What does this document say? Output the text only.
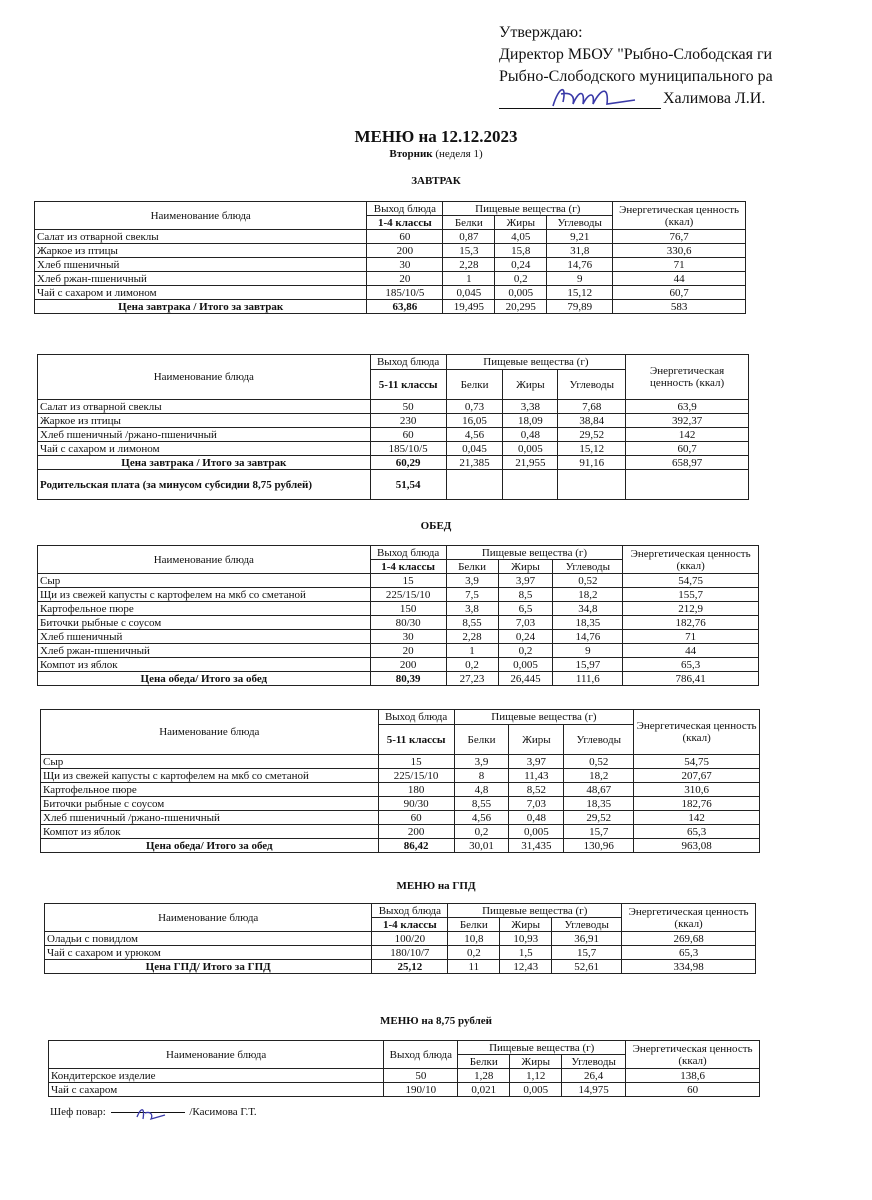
Утверждаю:
Директор МБОУ "Рыбно-Слободская ги
Рыбно-Слободского муниципального ра
Халимова Л.И.
МЕНЮ на 12.12.2023
Вторник (неделя 1)
ЗАВТРАК
Наименование блюда	Выход блюда	Пищевые вещества (г)			Энергетическая ценность (ккал)
	1-4 классы	Белки	Жиры	Углеводы	
Салат из отварной свеклы	60	0,87	4,05	9,21	76,7
Жаркое из птицы	200	15,3	15,8	31,8	330,6
Хлеб пшеничный	30	2,28	0,24	14,76	71
Хлеб ржан-пшеничный	20	1	0,2	9	44
Чай с сахаром и лимоном	185/10/5	0,045	0,005	15,12	60,7
Цена завтрака / Итого за завтрак	63,86	19,495	20,295	79,89	583
Наименование блюда	Выход блюда	Пищевые вещества (г)			Энергетическая ценность (ккал)
	5-11 классы	Белки	Жиры	Углеводы	
Салат из отварной свеклы	50	0,73	3,38	7,68	63,9
Жаркое из птицы	230	16,05	18,09	38,84	392,37
Хлеб пшеничный /ржано-пшеничный	60	4,56	0,48	29,52	142
Чай с сахаром и лимоном	185/10/5	0,045	0,005	15,12	60,7
Цена завтрака / Итого за завтрак	60,29	21,385	21,955	91,16	658,97
Родительская плата (за минусом субсидии 8,75 рублей)	51,54				
ОБЕД
Наименование блюда	Выход блюда	Пищевые вещества (г)			Энергетическая ценность (ккал)
	1-4 классы	Белки	Жиры	Углеводы	
Сыр	15	3,9	3,97	0,52	54,75
Щи из свежей капусты с картофелем на мкб со сметаной	225/15/10	7,5	8,5	18,2	155,7
Картофельное пюре	150	3,8	6,5	34,8	212,9
Биточки рыбные с соусом	80/30	8,55	7,03	18,35	182,76
Хлеб пшеничный	30	2,28	0,24	14,76	71
Хлеб ржан-пшеничный	20	1	0,2	9	44
Компот из яблок	200	0,2	0,005	15,97	65,3
Цена обеда/ Итого за обед	80,39	27,23	26,445	111,6	786,41
Наименование блюда	Выход блюда	Пищевые вещества (г)			Энергетическая ценность (ккал)
	5-11 классы	Белки	Жиры	Углеводы	
Сыр	15	3,9	3,97	0,52	54,75
Щи из свежей капусты с картофелем на мкб со сметаной	225/15/10	8	11,43	18,2	207,67
Картофельное пюре	180	4,8	8,52	48,67	310,6
Биточки рыбные с соусом	90/30	8,55	7,03	18,35	182,76
Хлеб пшеничный /ржано-пшеничный	60	4,56	0,48	29,52	142
Компот из яблок	200	0,2	0,005	15,7	65,3
Цена обеда/ Итого за обед	86,42	30,01	31,435	130,96	963,08
МЕНЮ на ГПД
Наименование блюда	Выход блюда	Пищевые вещества (г)			Энергетическая ценность (ккал)
	1-4 классы	Белки	Жиры	Углеводы	
Оладьи с повидлом	100/20	10,8	10,93	36,91	269,68
Чай с сахаром и урюком	180/10/7	0,2	1,5	15,7	65,3
Цена ГПД/ Итого за ГПД	25,12	11	12,43	52,61	334,98
МЕНЮ на 8,75 рублей
Наименование блюда	Выход блюда	Пищевые вещества (г)			Энергетическая ценность (ккал)
		Белки	Жиры	Углеводы	
Кондитерское изделие	50	1,28	1,12	26,4	138,6
Чай с сахаром	190/10	0,021	0,005	14,975	60
Шеф повар:	/Касимова Г.Т.
